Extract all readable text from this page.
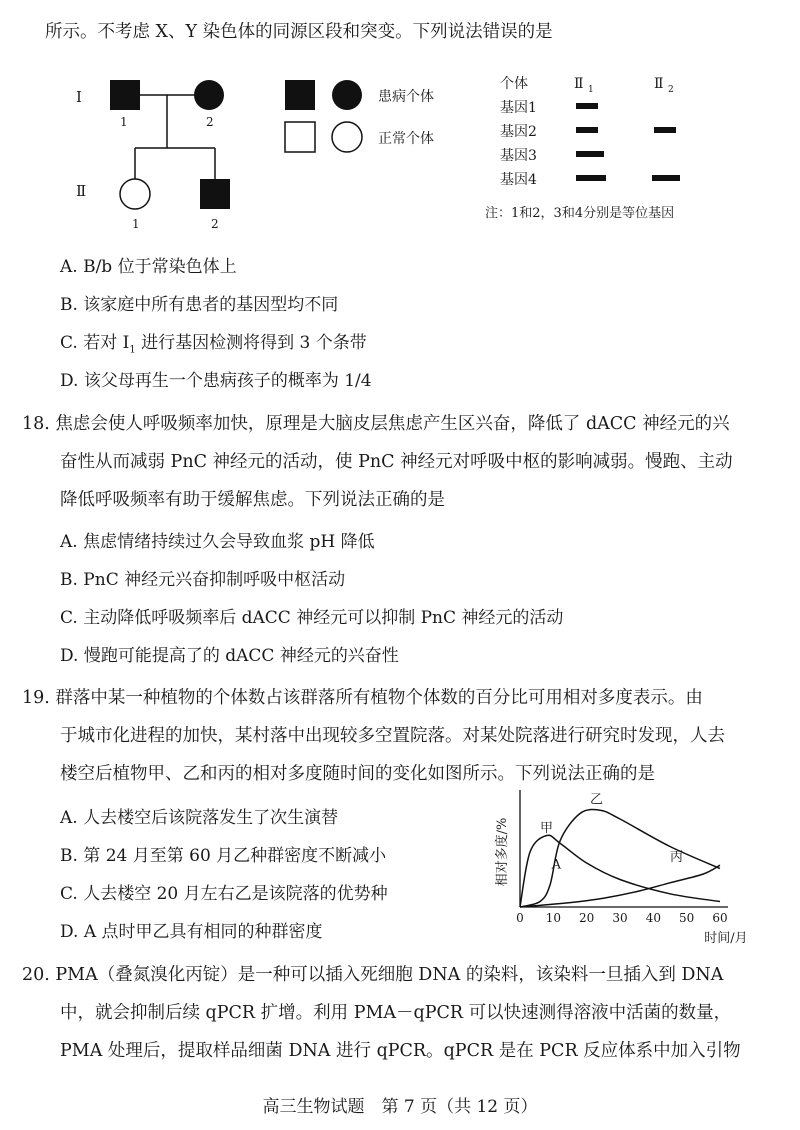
所示。不考虑 X、Y 染色体的同源区段和突变。下列说法错误的是
Ⅰ
Ⅱ
1	2
1	2
患病个体
正常个体
个体	Ⅱ 1	Ⅱ 2
基因1
基因2
基因3
基因4
注：1和2，3和4分别是等位基因
A. B/b 位于常染色体上
B. 该家庭中所有患者的基因型均不同
C. 若对 $I_1$ 进行基因检测将得到 3 个条带
D. 该父母再生一个患病孩子的概率为 1/4
18. 焦虑会使人呼吸频率加快，原理是大脑皮层焦虑产生区兴奋，降低了 dACC 神经元的兴
奋性从而减弱 PnC 神经元的活动，使 PnC 神经元对呼吸中枢的影响减弱。慢跑、主动
降低呼吸频率有助于缓解焦虑。下列说法正确的是
A. 焦虑情绪持续过久会导致血浆 pH 降低
B. PnC 神经元兴奋抑制呼吸中枢活动
C. 主动降低呼吸频率后 dACC 神经元可以抑制 PnC 神经元的活动
D. 慢跑可能提高了的 dACC 神经元的兴奋性
19. 群落中某一种植物的个体数占该群落所有植物个体数的百分比可用相对多度表示。由
于城市化进程的加快，某村落中出现较多空置院落。对某处院落进行研究时发现，人去
楼空后植物甲、乙和丙的相对多度随时间的变化如图所示。下列说法正确的是
A. 人去楼空后该院落发生了次生演替
B. 第 24 月至第 60 月乙种群密度不断减小
C. 人去楼空 20 月左右乙是该院落的优势种
D. A 点时甲乙具有相同的种群密度
0 10 20 30 40 50 60
时间/月
相对多度/% 甲
乙
丙
A
20. PMA（叠氮溴化丙锭）是一种可以插入死细胞 DNA 的染料，该染料一旦插入到 DNA
中，就会抑制后续 qPCR 扩增。利用 PMA－qPCR 可以快速测得溶液中活菌的数量，
PMA 处理后，提取样品细菌 DNA 进行 qPCR。qPCR 是在 PCR 反应体系中加入引物
高三生物试题　第 7 页（共 12 页）
